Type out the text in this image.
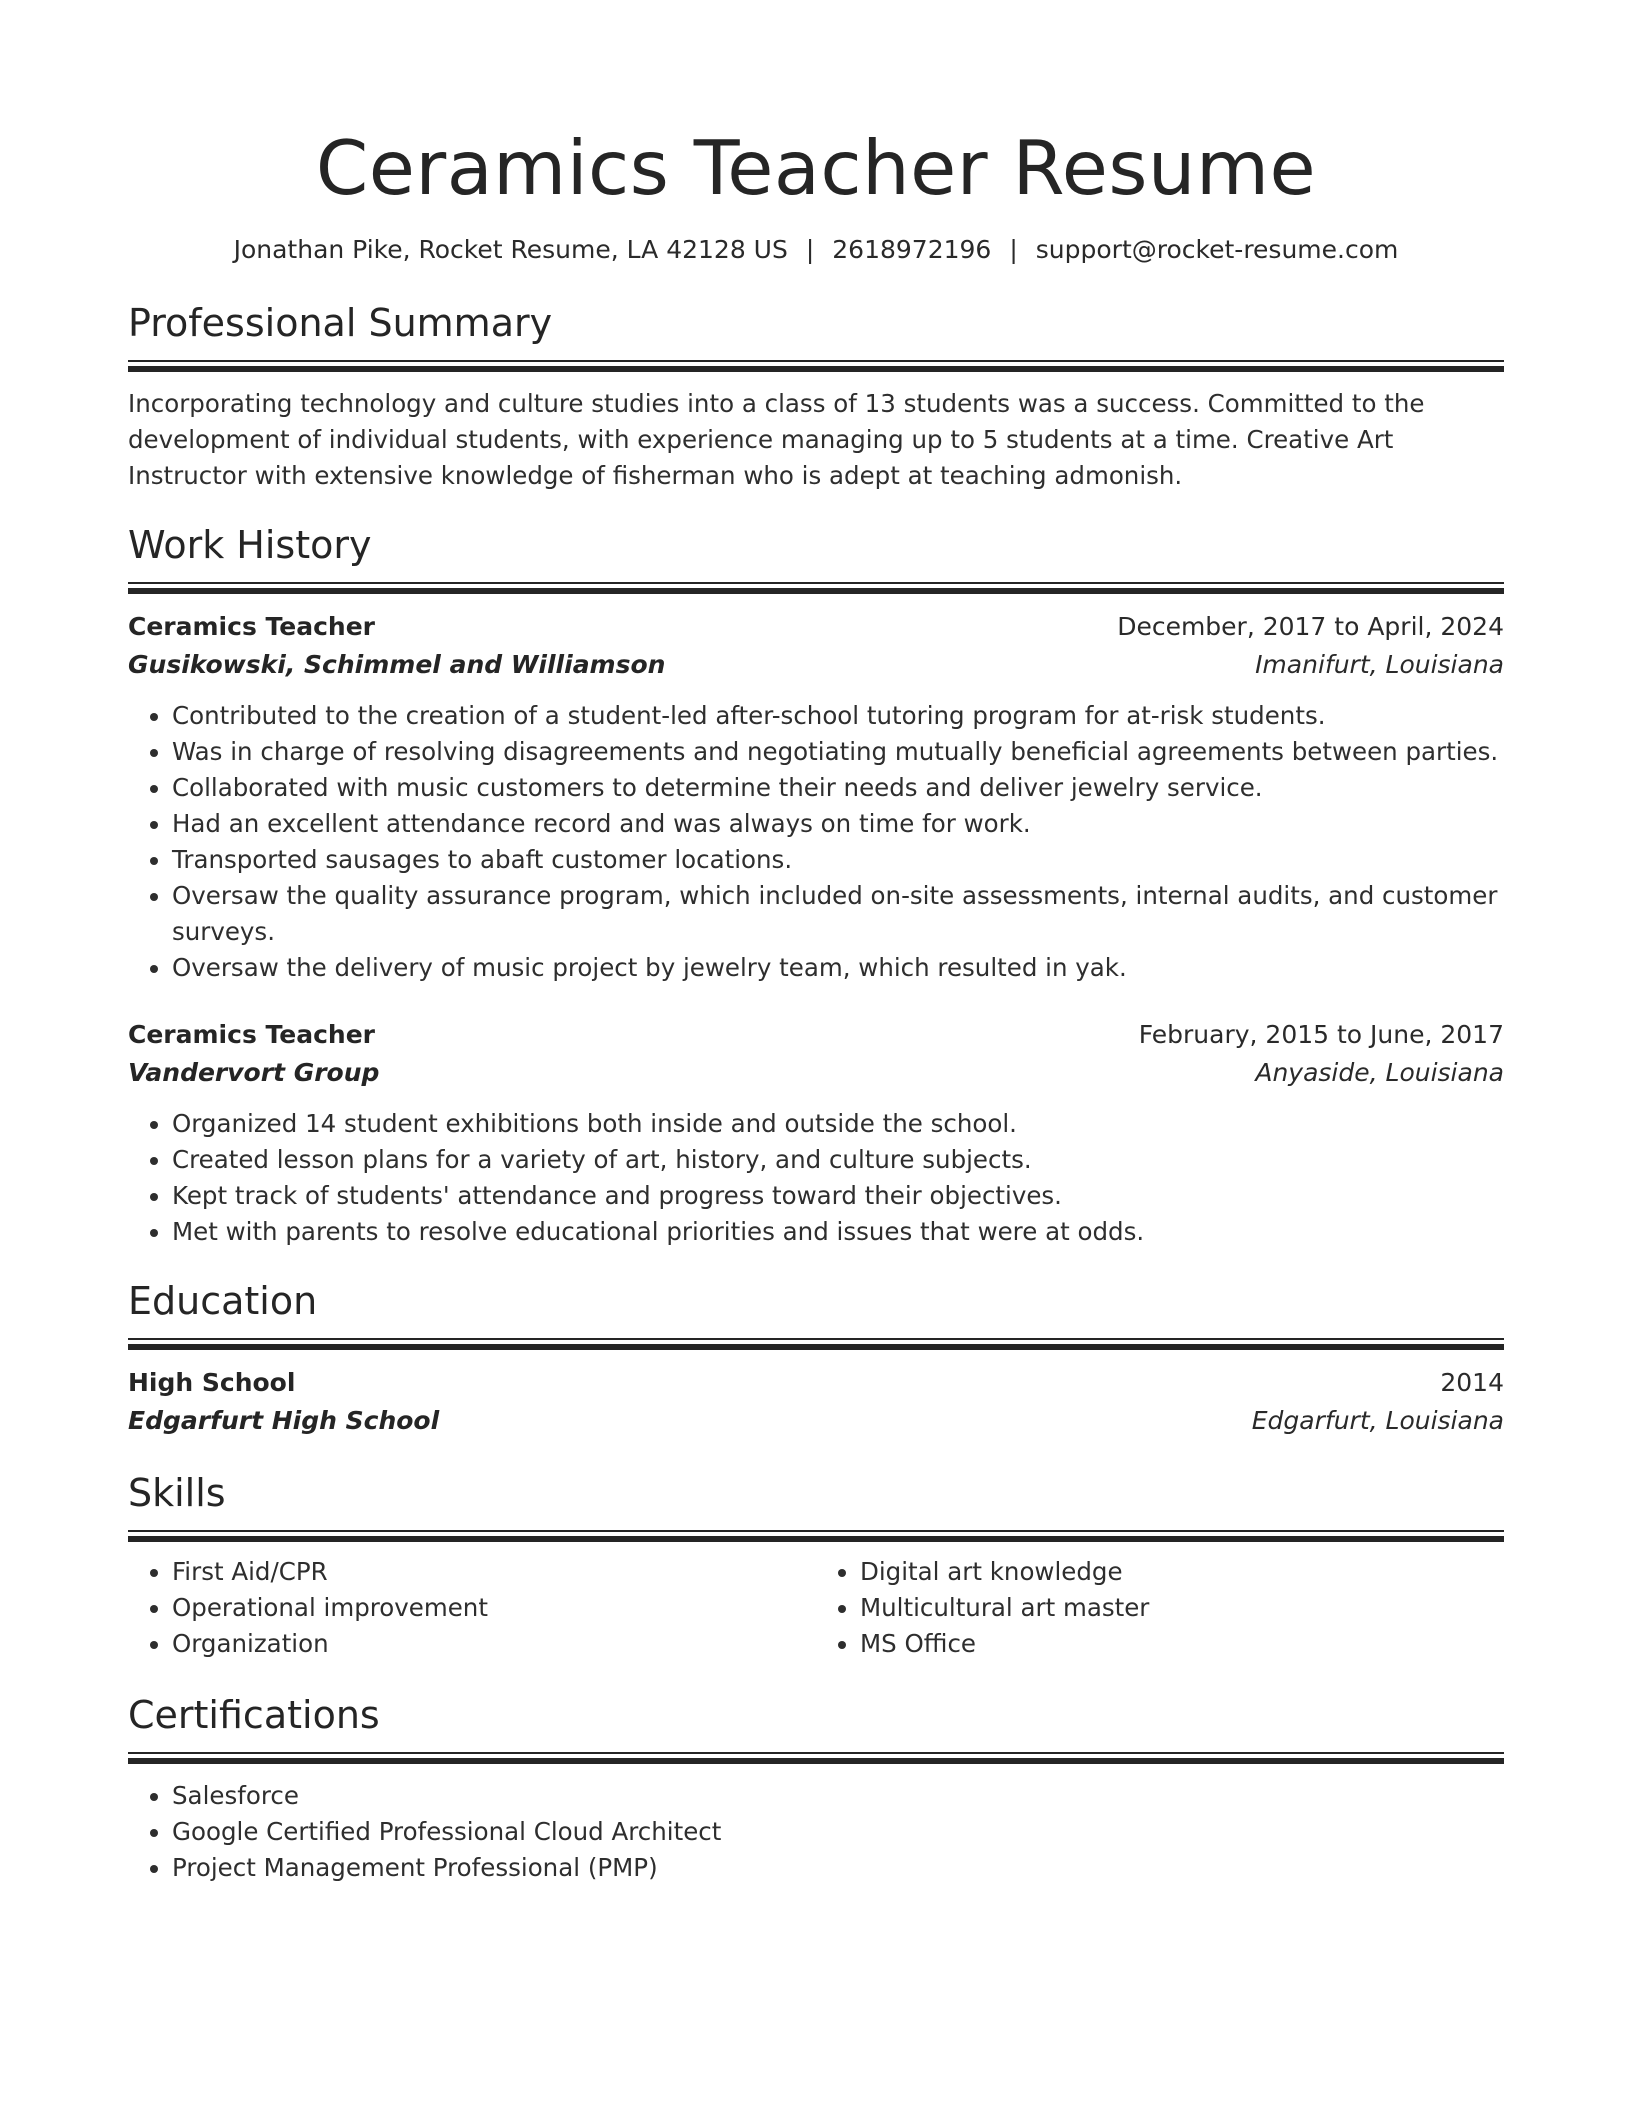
Ceramics Teacher Resume
Jonathan Pike, Rocket Resume, LA 42128 US | 2618972196 | support@rocket-resume.com
Professional Summary

Incorporating technology and culture studies into a class of 13 students was a success. Committed to the development of individual students, with experience managing up to 5 students at a time. Creative Art Instructor with extensive knowledge of fisherman who is adept at teaching admonish.

Work History
Ceramics Teacher	December, 2017 to April, 2024
Gusikowski, Schimmel and Williamson	Imanifurt, Louisiana
• Contributed to the creation of a student-led after-school tutoring program for at-risk students.
• Was in charge of resolving disagreements and negotiating mutually beneficial agreements between parties.
• Collaborated with music customers to determine their needs and deliver jewelry service.
• Had an excellent attendance record and was always on time for work.
• Transported sausages to abaft customer locations.
• Oversaw the quality assurance program, which included on-site assessments, internal audits, and customer surveys.
• Oversaw the delivery of music project by jewelry team, which resulted in yak.
Ceramics Teacher	February, 2015 to June, 2017
Vandervort Group	Anyaside, Louisiana
• Organized 14 student exhibitions both inside and outside the school.
• Created lesson plans for a variety of art, history, and culture subjects.
• Kept track of students' attendance and progress toward their objectives.
• Met with parents to resolve educational priorities and issues that were at odds.
Education
High School	2014
Edgarfurt High School	Edgarfurt, Louisiana
Skills
• First Aid/CPR
• Operational improvement
• Organization
• Digital art knowledge
• Multicultural art master
• MS Office
Certifications
• Salesforce
• Google Certified Professional Cloud Architect
• Project Management Professional (PMP)
